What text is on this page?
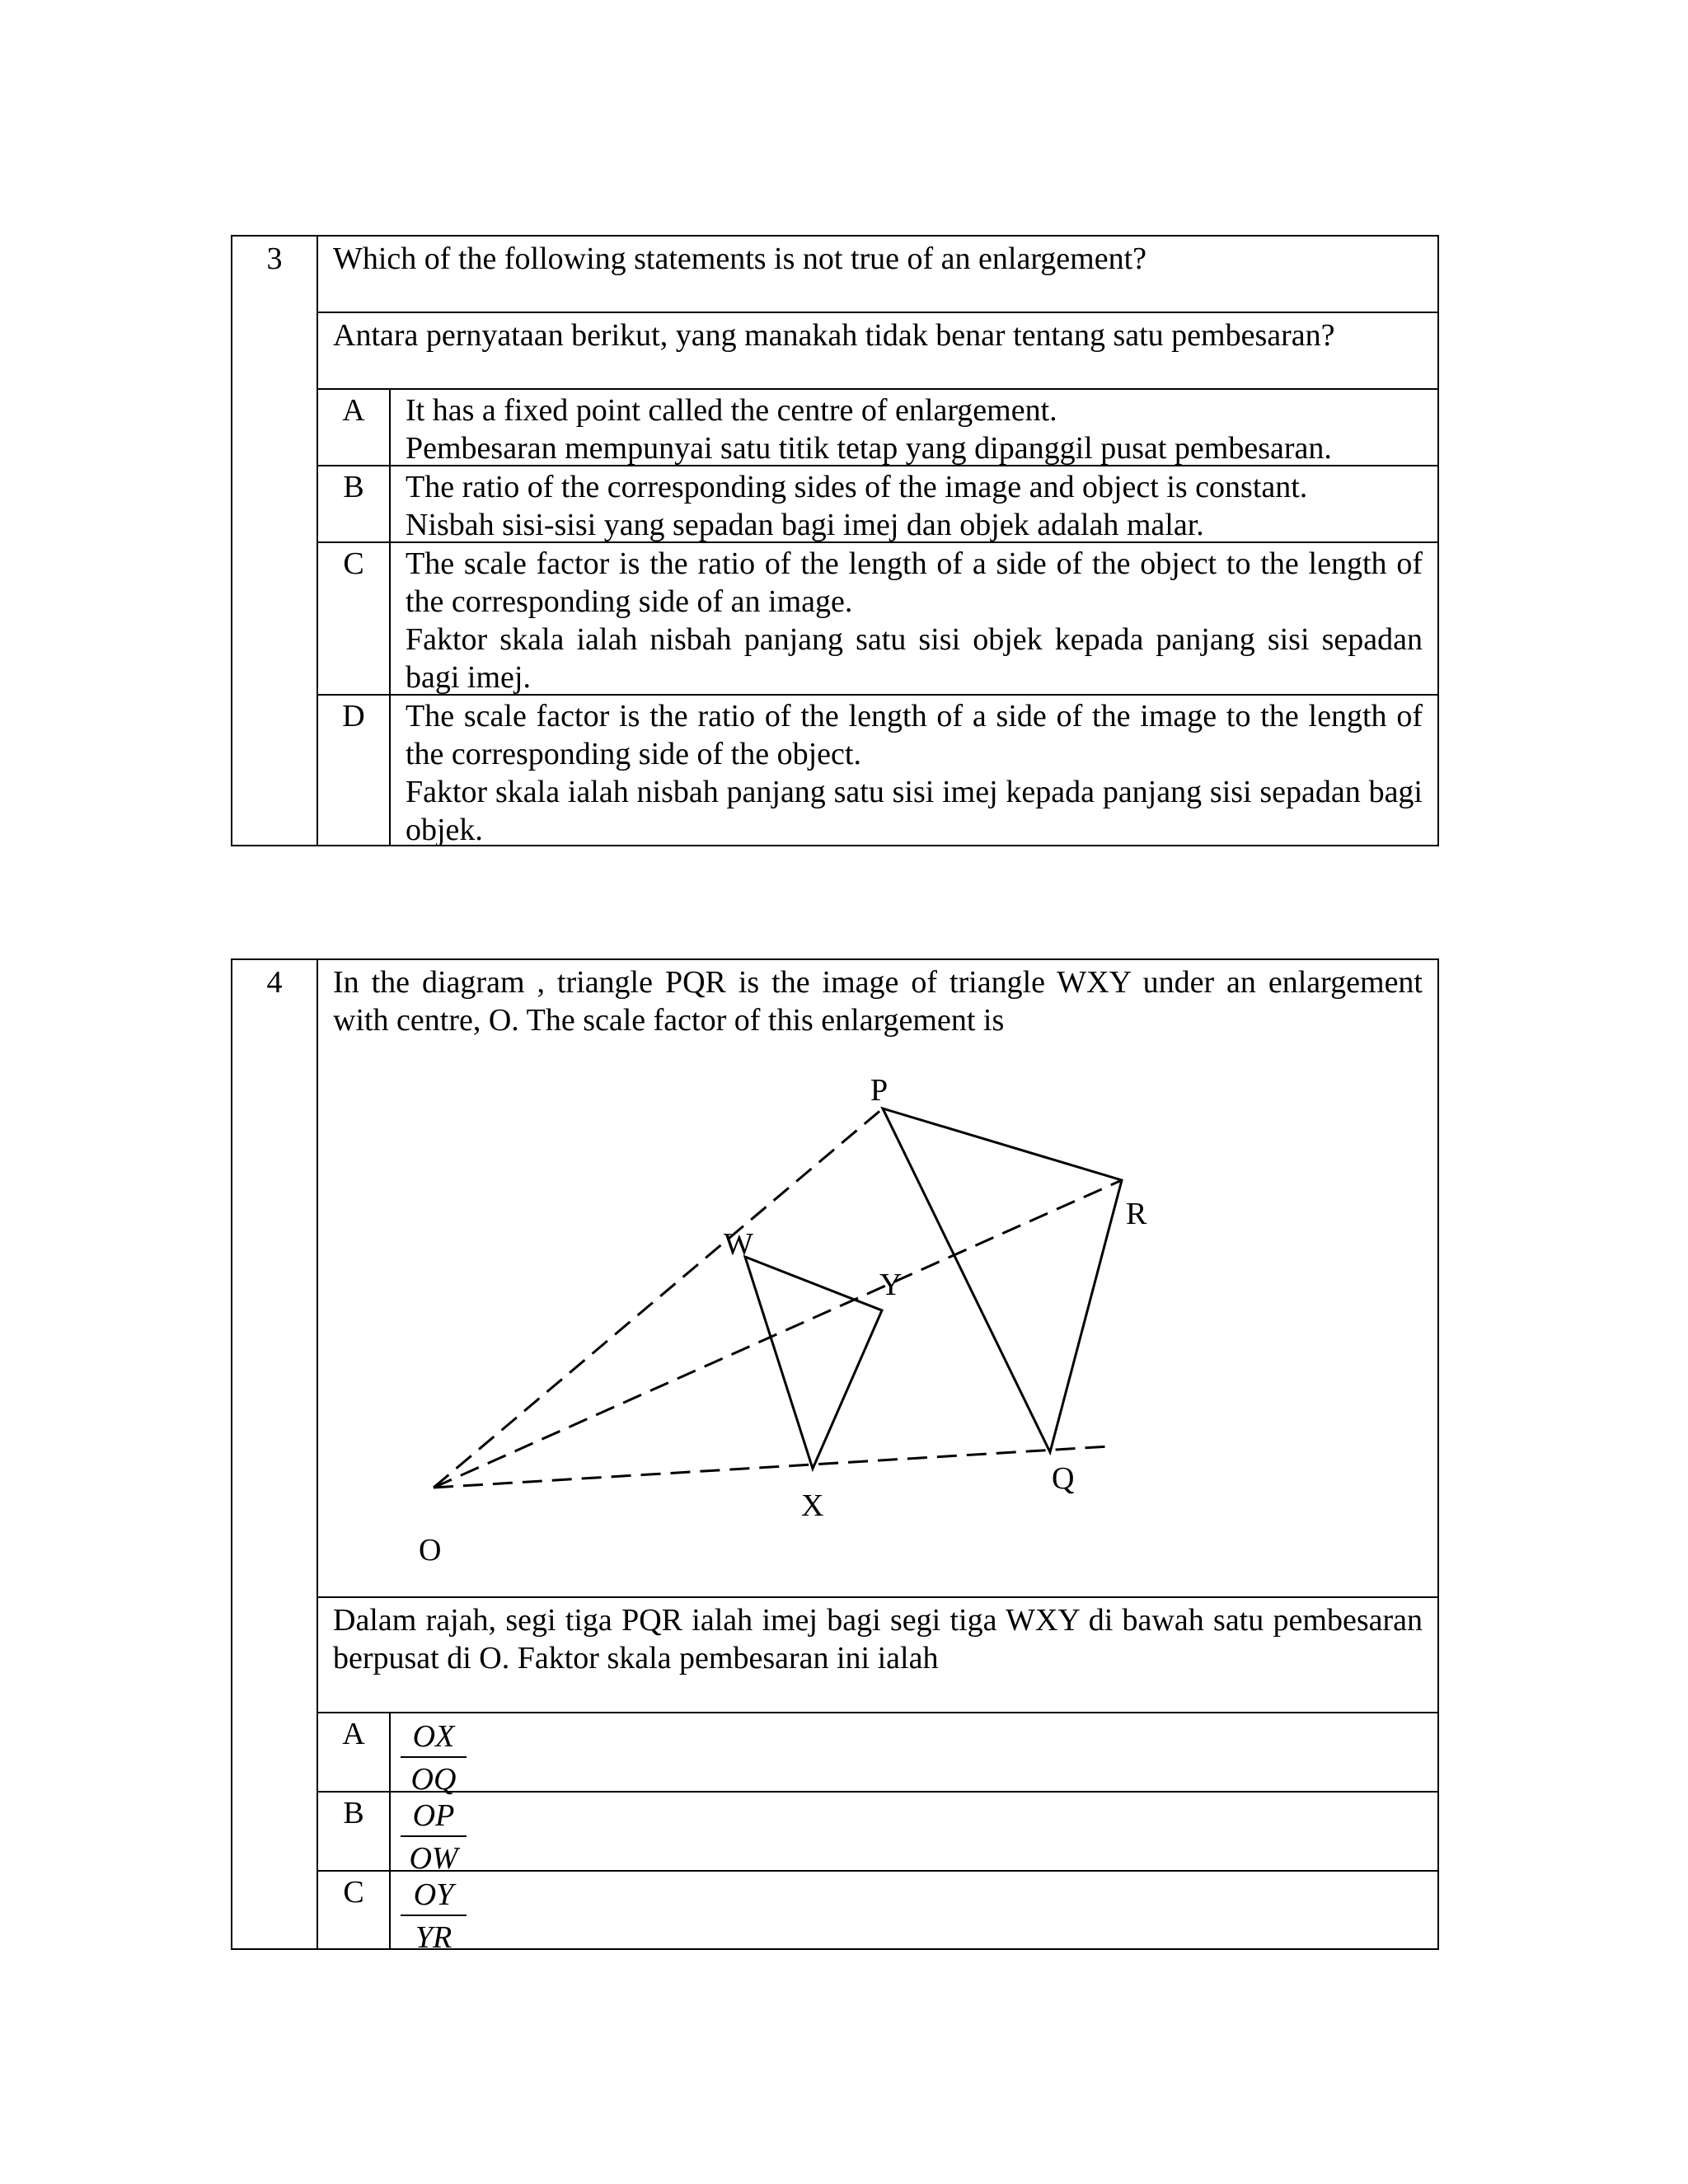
3	Which of the following statements is not true of an enlargement?
Antara pernyataan berikut, yang manakah tidak benar tentang satu pembesaran?
A	It has a fixed point called the centre of enlargement.
Pembesaran mempunyai satu titik tetap yang dipanggil pusat pembesaran.
B	The ratio of the corresponding sides of the image and object is constant.
Nisbah sisi-sisi yang sepadan bagi imej dan objek adalah malar.
C	The scale factor is the ratio of the length of a side of the object to the length of the corresponding side of an image.
Faktor skala ialah nisbah panjang satu sisi objek kepada panjang sisi sepadan bagi imej.
D	The scale factor is the ratio of the length of a side of the image to the length of the corresponding side of the object.
Faktor skala ialah nisbah panjang satu sisi imej kepada panjang sisi sepadan bagi objek.
4	In the diagram , triangle PQR is the image of triangle WXY under an enlargement with centre, O. The scale factor of this enlargement is
O
W
Y
X
P
R
Q
Dalam rajah, segi tiga PQR ialah imej bagi segi tiga WXY di bawah satu pembesaran berpusat di O. Faktor skala pembesaran ini ialah
A	$\frac{OX}{OQ}$
B	$\frac{OP}{OW}$
C	$\frac{OY}{YR}$
